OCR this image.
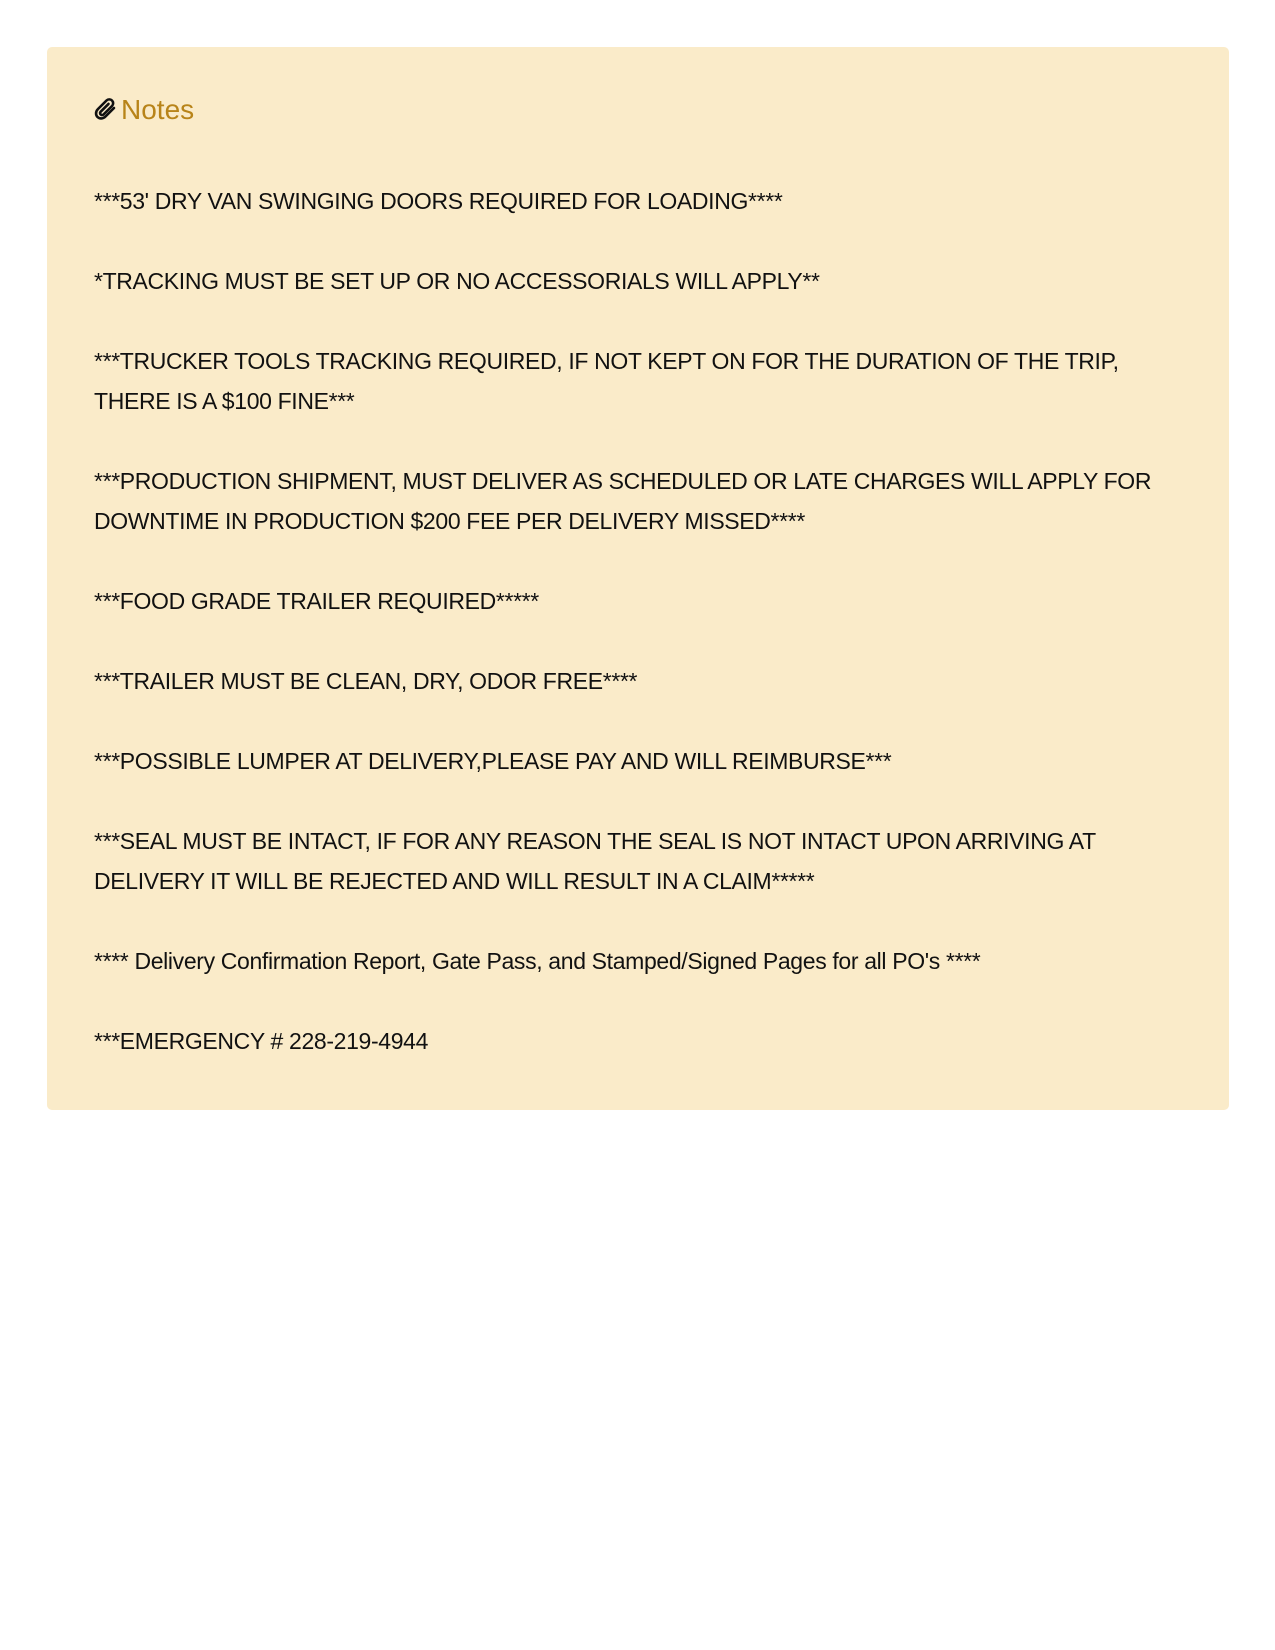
Notes

***53' DRY VAN SWINGING DOORS REQUIRED FOR LOADING****

*TRACKING MUST BE SET UP OR NO ACCESSORIALS WILL APPLY**

***TRUCKER TOOLS TRACKING REQUIRED, IF NOT KEPT ON FOR THE DURATION OF THE TRIP, THERE IS A $100 FINE***

***PRODUCTION SHIPMENT, MUST DELIVER AS SCHEDULED OR LATE CHARGES WILL APPLY FOR DOWNTIME IN PRODUCTION $200 FEE PER DELIVERY MISSED****

***FOOD GRADE TRAILER REQUIRED*****

***TRAILER MUST BE CLEAN, DRY, ODOR FREE****

***POSSIBLE LUMPER AT DELIVERY,PLEASE PAY AND WILL REIMBURSE***

***SEAL MUST BE INTACT, IF FOR ANY REASON THE SEAL IS NOT INTACT UPON ARRIVING AT DELIVERY IT WILL BE REJECTED AND WILL RESULT IN A CLAIM*****

**** Delivery Confirmation Report, Gate Pass, and Stamped/Signed Pages for all PO's ****

***EMERGENCY # 228-219-4944
